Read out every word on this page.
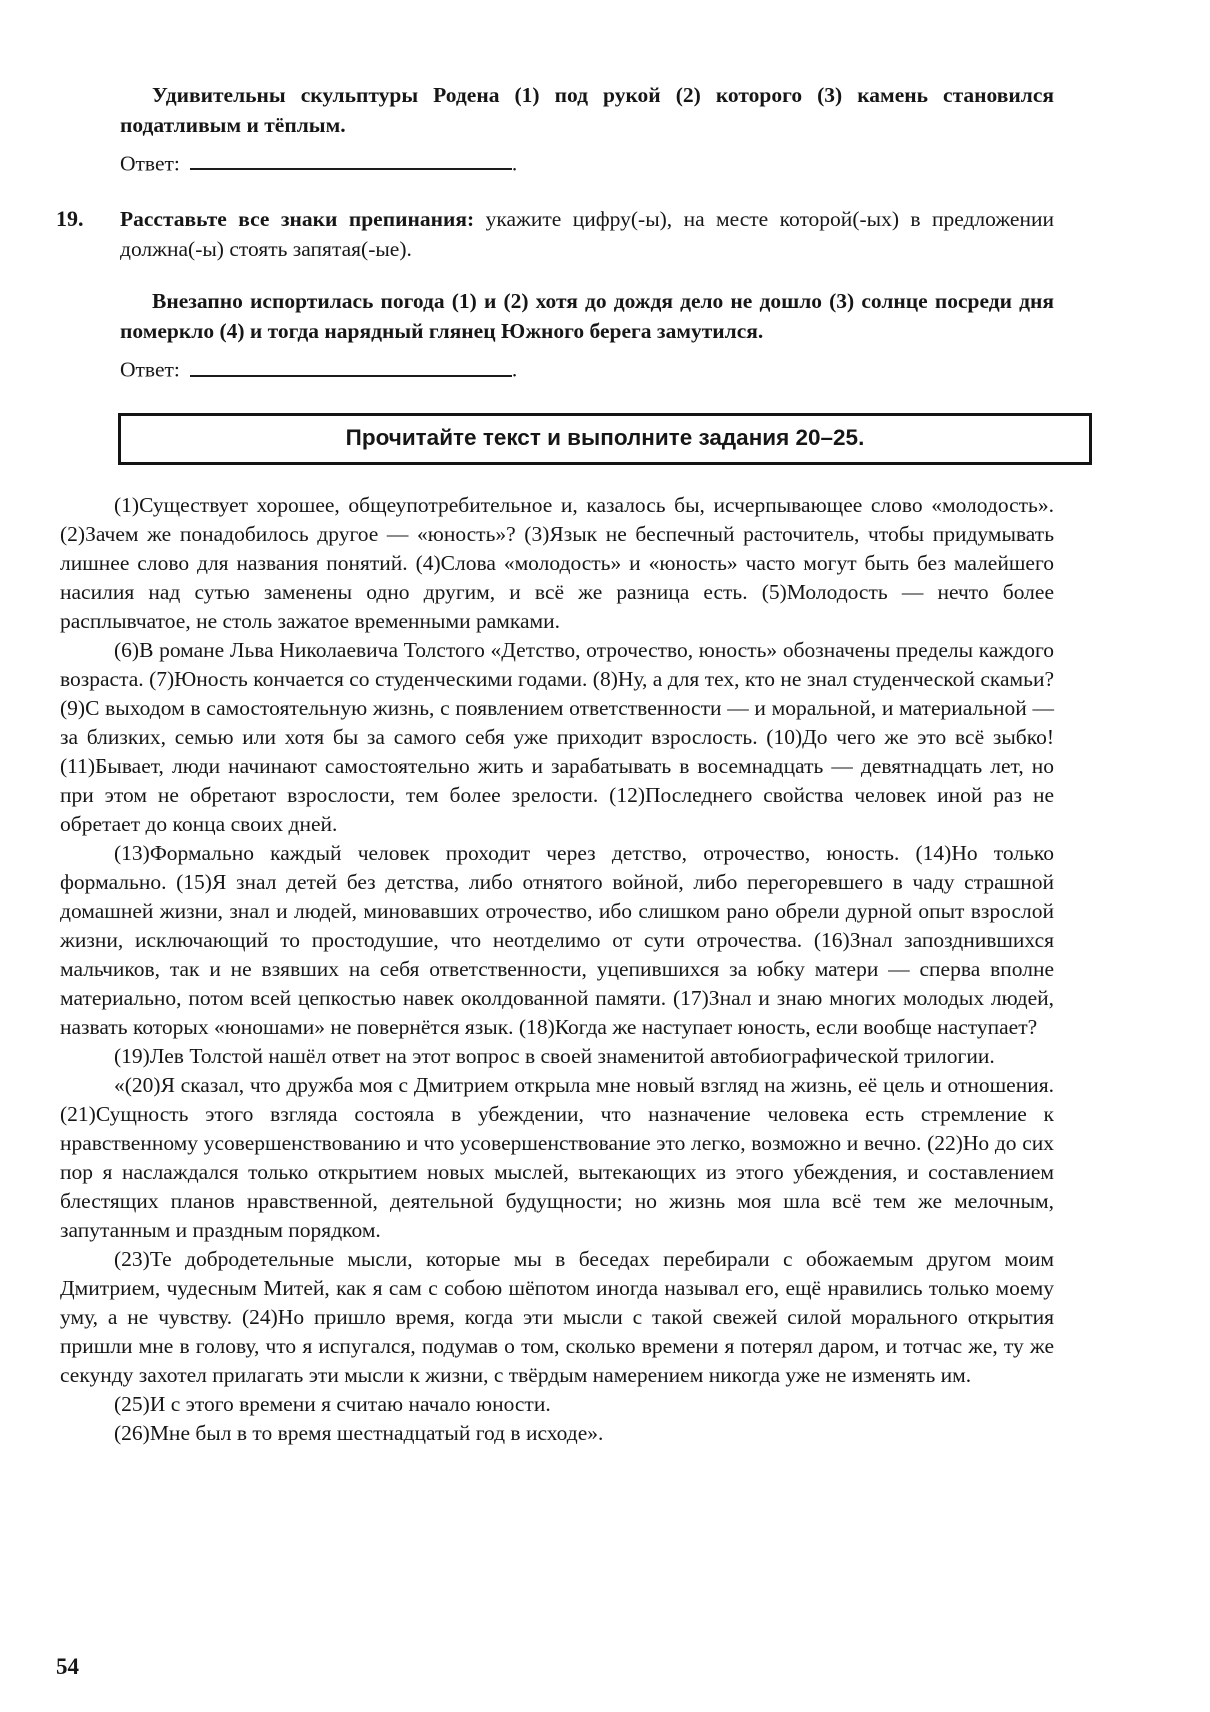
Удивительны скульптуры Родена (1) под рукой (2) которого (3) камень становился податливым и тёплым.

Ответ:	.
19. Расставьте все знаки препинания: укажите цифру(-ы), на месте которой(-ых) в предложении должна(-ы) стоять запятая(-ые).

Внезапно испортилась погода (1) и (2) хотя до дождя дело не дошло (3) солнце посреди дня померкло (4) и тогда нарядный глянец Южного берега замутился.

Ответ:	.
Прочитайте текст и выполните задания 20–25.

(1)Существует хорошее, общеупотребительное и, казалось бы, исчерпывающее слово «молодость». (2)Зачем же понадобилось другое — «юность»? (3)Язык не беспечный расточитель, чтобы придумывать лишнее слово для названия понятий. (4)Слова «молодость» и «юность» часто могут быть без малейшего насилия над сутью заменены одно другим, и всё же разница есть. (5)Молодость — нечто более расплывчатое, не столь зажатое временными рамками.

(6)В романе Льва Николаевича Толстого «Детство, отрочество, юность» обозначены пределы каждого возраста. (7)Юность кончается со студенческими годами. (8)Ну, а для тех, кто не знал студенческой скамьи? (9)С выходом в самостоятельную жизнь, с появлением ответственности — и моральной, и материальной — за близких, семью или хотя бы за самого себя уже приходит взрослость. (10)До чего же это всё зыбко! (11)Бывает, люди начинают самостоятельно жить и зарабатывать в восемнадцать — девятнадцать лет, но при этом не обретают взрослости, тем более зрелости. (12)Последнего свойства человек иной раз не обретает до конца своих дней.

(13)Формально каждый человек проходит через детство, отрочество, юность. (14)Но только формально. (15)Я знал детей без детства, либо отнятого войной, либо перегоревшего в чаду страшной домашней жизни, знал и людей, миновавших отрочество, ибо слишком рано обрели дурной опыт взрослой жизни, исключающий то простодушие, что неотделимо от сути отрочества. (16)Знал запозднившихся мальчиков, так и не взявших на себя ответственности, уцепившихся за юбку матери — сперва вполне материально, потом всей цепкостью навек околдованной памяти. (17)Знал и знаю многих молодых людей, назвать которых «юношами» не повернётся язык. (18)Когда же наступает юность, если вообще наступает?

(19)Лев Толстой нашёл ответ на этот вопрос в своей знаменитой автобиографической трилогии.

«(20)Я сказал, что дружба моя с Дмитрием открыла мне новый взгляд на жизнь, её цель и отношения. (21)Сущность этого взгляда состояла в убеждении, что назначение человека есть стремление к нравственному усовершенствованию и что усовершенствование это легко, возможно и вечно. (22)Но до сих пор я наслаждался только открытием новых мыслей, вытекающих из этого убеждения, и составлением блестящих планов нравственной, деятельной будущности; но жизнь моя шла всё тем же мелочным, запутанным и праздным порядком.

(23)Те добродетельные мысли, которые мы в беседах перебирали с обожаемым другом моим Дмитрием, чудесным Митей, как я сам с собою шёпотом иногда называл его, ещё нравились только моему уму, а не чувству. (24)Но пришло время, когда эти мысли с такой свежей силой морального открытия пришли мне в голову, что я испугался, подумав о том, сколько времени я потерял даром, и тотчас же, ту же секунду захотел прилагать эти мысли к жизни, с твёрдым намерением никогда уже не изменять им.

(25)И с этого времени я считаю начало юности.

(26)Мне был в то время шестнадцатый год в исходе».

54
